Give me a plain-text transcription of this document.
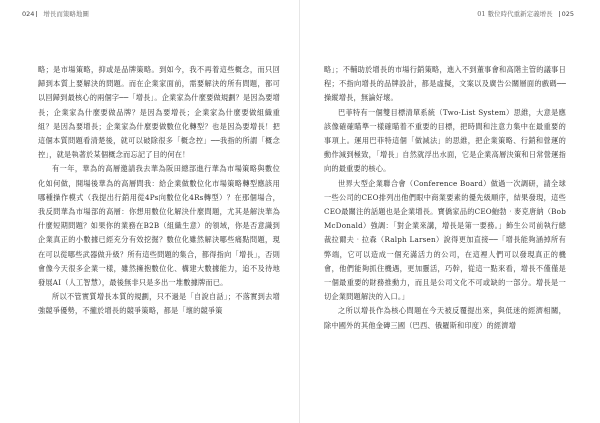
024 增長而策略地圖

略；是市場策略，抑或是品牌策略。到如今，我不再着這些概念，而只回歸到本質上要解決的問題。而在企業家面前，需要解決的所有問題，都可以回歸到最核心的兩個字──「增長」。企業家為什麼要做規劃？是因為要增長；企業家為什麼要做品牌？是因為要增長；企業家為什麼要做組織重組？是因為要增長；企業家為什麼要做數位化轉型？也是因為要增長！把這個本質問題看清楚後，就可以破除很多「概念控」──我指的所謂「概念控」，就是執著於某個概念而忘記了目的何在！

有一年，華為的高層邀請我去華為阪田總部進行華為市場策略與數位化如何做，開場後華為的高層問我：給企業做數位化市場策略轉型應該用哪種操作模式（我提出行銷用從4Ps向數位化4Rs轉型）？在那個場合，我反問華為市場部的高層：你想用數位化解決什麼問題，尤其是解決華為什麼短期問題？如果你的業務在B2B（組織生意）的領域，你是否意識到企業真正的小數據已經充分有效挖掘？數位化雖然解決哪些痛點問題，現在可以從哪些武器做升級？所有這些問題的集合，都得指向「增長」，否則會像今天很多企業一樣，雖然擁抱數位化、構建大數據能力，追不及待地發展AI（人工智慧），最後無非只是多出一堆數據牌而已。

所以不管實質增長本質的規劃，只不過是「自說自話」；不落實到去增強競爭優勢，不攏於增長的競爭策略，都是「壞的競爭策

01 數位時代重新定義增長 025

略」；不輔助於增長的市場行銷策略，進入不到董事會和高階主管的議事日程；不指向增長的品牌設計，都是虛擬，文案以及廣告公關層面的戲碼──操縱增長，無論好壞。

巴菲特有一個雙目標清單系統（Two-List System）思維，大意是應該像確確瞄準一樣確瞄着不重要的目標，把時間和注意力集中在最重要的事項上。運用巴菲特這個「做減法」的思維，把企業策略、行銷和營運的動作減到極致，「增長」自然就浮出水面，它是企業高層決策和日常營運指向的最重要的核心。

世界大型企業聯合會（Conference Board）做過一次調研，請全球一些公司的CEO排列出他們眼中商業要素的優先級順序，結果發現，這些CEO最關注的話題也是企業增長。寶僑家品的CEO鮑勃‧麥克唐納（Bob McDonald）強調：「對企業來講，增長是第一要務。」飾生公司前執行總裁拉爾夫‧拉森（Ralph Larsen）說得更加直接──「增長能夠涵掉所有弊端，它可以造成一個充滿活力的公司，在這裡人們可以發現真正的機會，他們能夠抓住機遇，更加靈活，巧幹，從這一點來看，增長不僅僅是一個最重要的財務推動力，而且是公司文化不可或缺的一部分。增長是一切企業問題解決的入口。」

之所以增長作為核心問題在今天被反覆提出來，與低迷的經濟相關，除中國外的其他金磚三國（巴西、俄羅斯和印度）的經濟增
